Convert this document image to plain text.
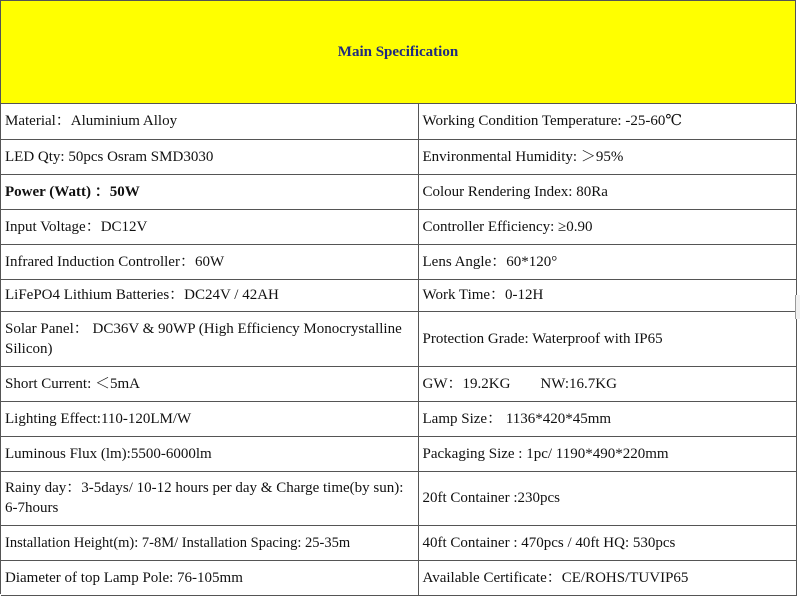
Main Specification
Material：Aluminium Alloy	Working Condition Temperature: -25-60℃
LED Qty: 50pcs Osram SMD3030	Environmental Humidity: ＞95%
Power (Watt) ：50W	Colour Rendering Index: 80Ra
Input Voltage：DC12V	Controller Efficiency: ≥0.90
Infrared Induction Controller：60W	Lens Angle：60*120°
LiFePO4 Lithium Batteries：DC24V / 42AH	Work Time：0-12H
Solar Panel： DC36V & 90WP (High Efficiency Monocrystalline Silicon)	Protection Grade: Waterproof with IP65
Short Current: ＜5mA	GW：19.2KG        NW:16.7KG
Lighting Effect:110-120LM/W	Lamp Size： 1136*420*45mm
Luminous Flux (lm):5500-6000lm	Packaging Size : 1pc/ 1190*490*220mm
Rainy day：3-5days/ 10-12 hours per day & Charge time(by sun): 6-7hours	20ft Container :230pcs
Installation Height(m): 7-8M/ Installation Spacing: 25-35m	40ft Container : 470pcs / 40ft HQ: 530pcs
Diameter of top Lamp Pole: 76-105mm	Available Certificate：CE/ROHS/TUVIP65
